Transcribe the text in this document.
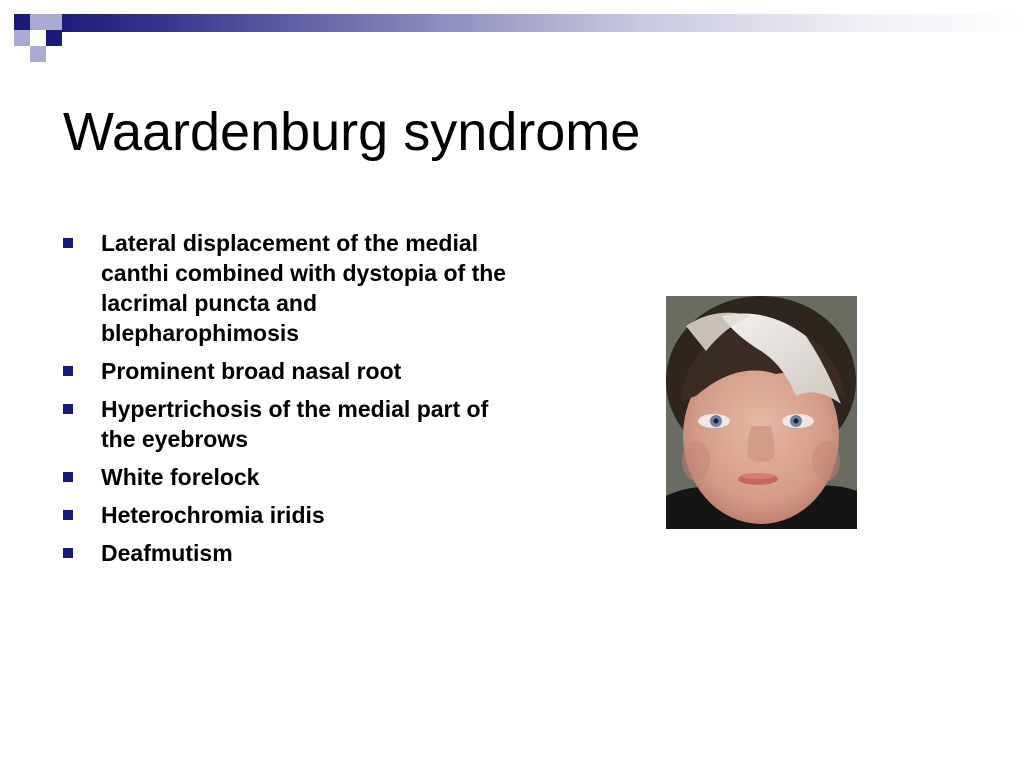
Waardenburg syndrome
Lateral displacement of the medial canthi combined with dystopia of the lacrimal puncta and blepharophimosis
Prominent broad nasal root
Hypertrichosis of the medial part of the eyebrows
White forelock
Heterochromia iridis
Deafmutism
